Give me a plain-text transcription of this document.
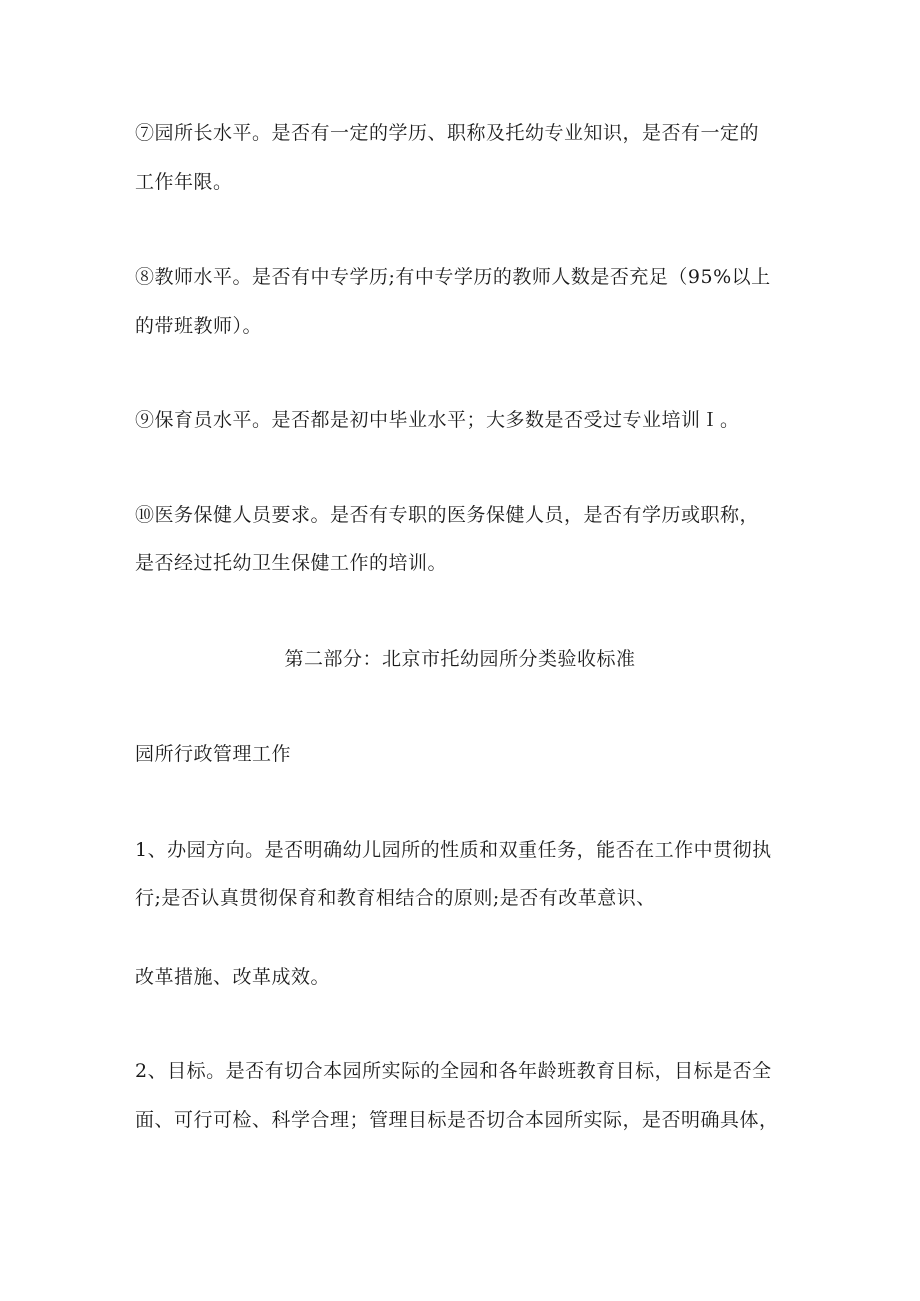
⑦园所长水平。是否有一定的学历、职称及托幼专业知识，是否有一定的
工作年限。
⑧教师水平。是否有中专学历;有中专学历的教师人数是否充足（95%以上
的带班教师）。
⑨保育员水平。是否都是初中毕业水平；大多数是否受过专业培训Ｉ。
⑩医务保健人员要求。是否有专职的医务保健人员，是否有学历或职称，
是否经过托幼卫生保健工作的培训。
第二部分：北京市托幼园所分类验收标准
园所行政管理工作
1、办园方向。是否明确幼儿园所的性质和双重任务，能否在工作中贯彻执
行;是否认真贯彻保育和教育相结合的原则;是否有改革意识、
改革措施、改革成效。
2、目标。是否有切合本园所实际的全园和各年龄班教育目标，目标是否全
面、可行可检、科学合理；管理目标是否切合本园所实际，是否明确具体，
